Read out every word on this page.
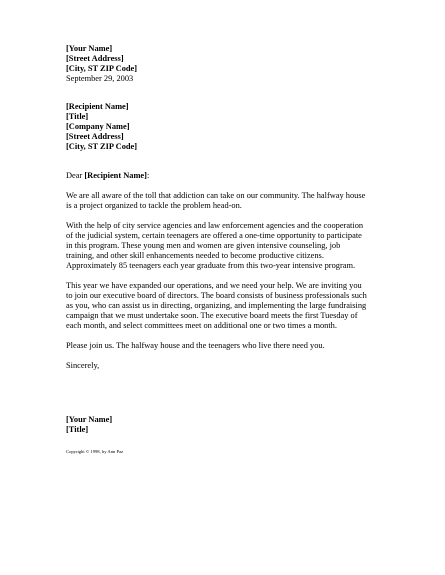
[Your Name]
[Street Address]
[City, ST ZIP Code]
September 29, 2003
[Recipient Name]
[Title]
[Company Name]
[Street Address]
[City, ST ZIP Code]
Dear [Recipient Name]:
We are all aware of the toll that addiction can take on our community. The halfway house
is a project organized to tackle the problem head-on.
With the help of city service agencies and law enforcement agencies and the cooperation
of the judicial system, certain teenagers are offered a one-time opportunity to participate
in this program. These young men and women are given intensive counseling, job
training, and other skill enhancements needed to become productive citizens.
Approximately 85 teenagers each year graduate from this two-year intensive program.
This year we have expanded our operations, and we need your help. We are inviting you
to join our executive board of directors. The board consists of business professionals such
as you, who can assist us in directing, organizing, and implementing the large fundraising
campaign that we must undertake soon. The executive board meets the first Tuesday of
each month, and select committees meet on additional one or two times a month.
Please join us. The halfway house and the teenagers who live there need you.
Sincerely,
[Your Name]
[Title]
Copyright © 1998, by Ann Paz
